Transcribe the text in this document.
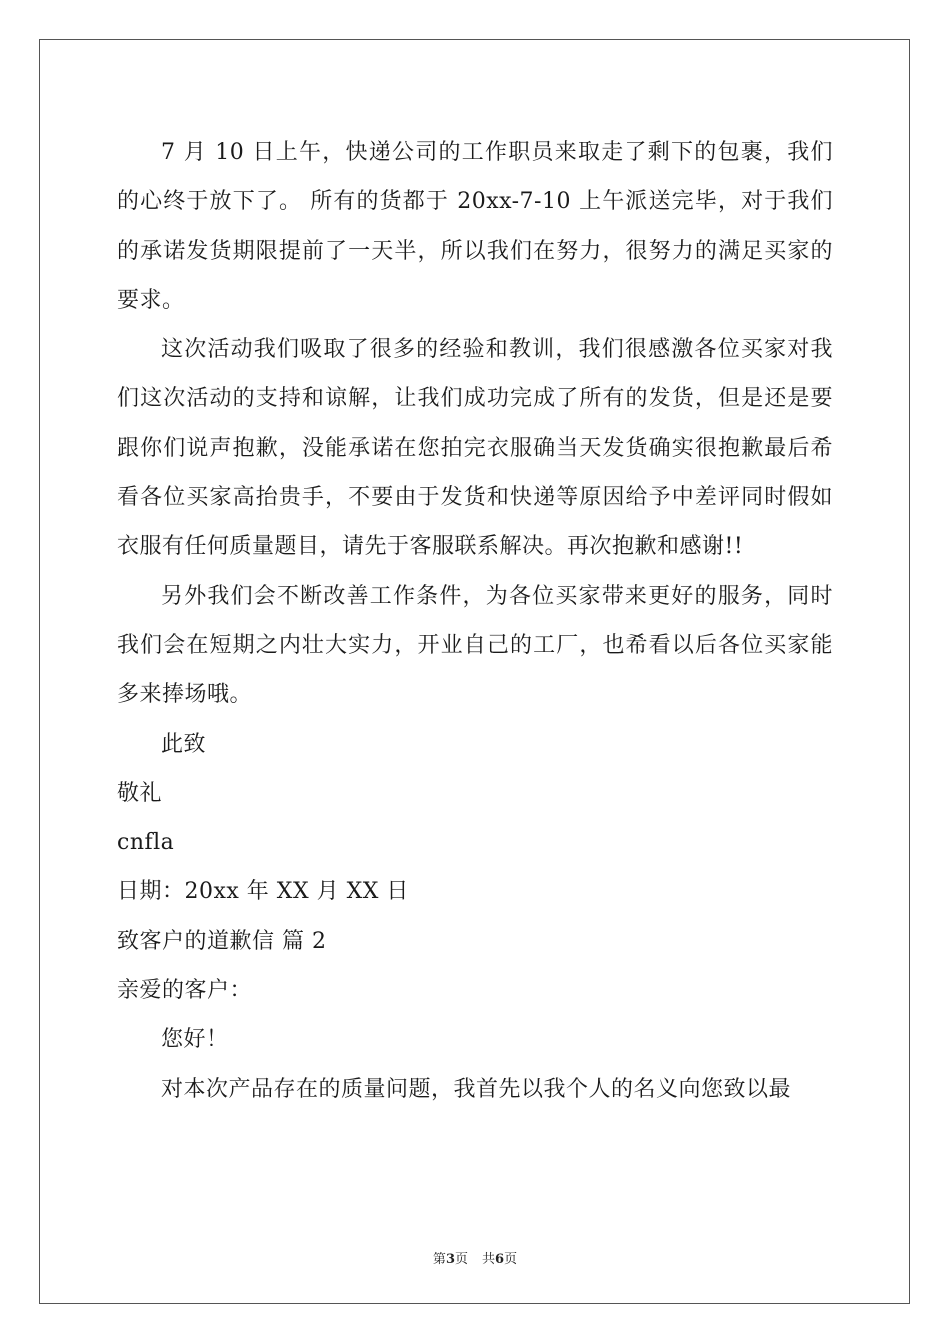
7 月 10 日上午，快递公司的工作职员来取走了剩下的包裹，我们的心终于放下了。 所有的货都于 20xx-7-10 上午派送完毕，对于我们的承诺发货期限提前了一天半，所以我们在努力，很努力的满足买家的要求。

这次活动我们吸取了很多的经验和教训，我们很感激各位买家对我们这次活动的支持和谅解，让我们成功完成了所有的发货，但是还是要跟你们说声抱歉，没能承诺在您拍完衣服确当天发货确实很抱歉最后希看各位买家高抬贵手，不要由于发货和快递等原因给予中差评同时假如衣服有任何质量题目，请先于客服联系解决。再次抱歉和感谢!!

另外我们会不断改善工作条件，为各位买家带来更好的服务，同时我们会在短期之内壮大实力，开业自己的工厂，也希看以后各位买家能多来捧场哦。

此致

敬礼

cnfla

日期：20xx 年 XX 月 XX 日

致客户的道歉信 篇 2

亲爱的客户：

您好！

对本次产品存在的质量问题，我首先以我个人的名义向您致以最

第3页 共6页
